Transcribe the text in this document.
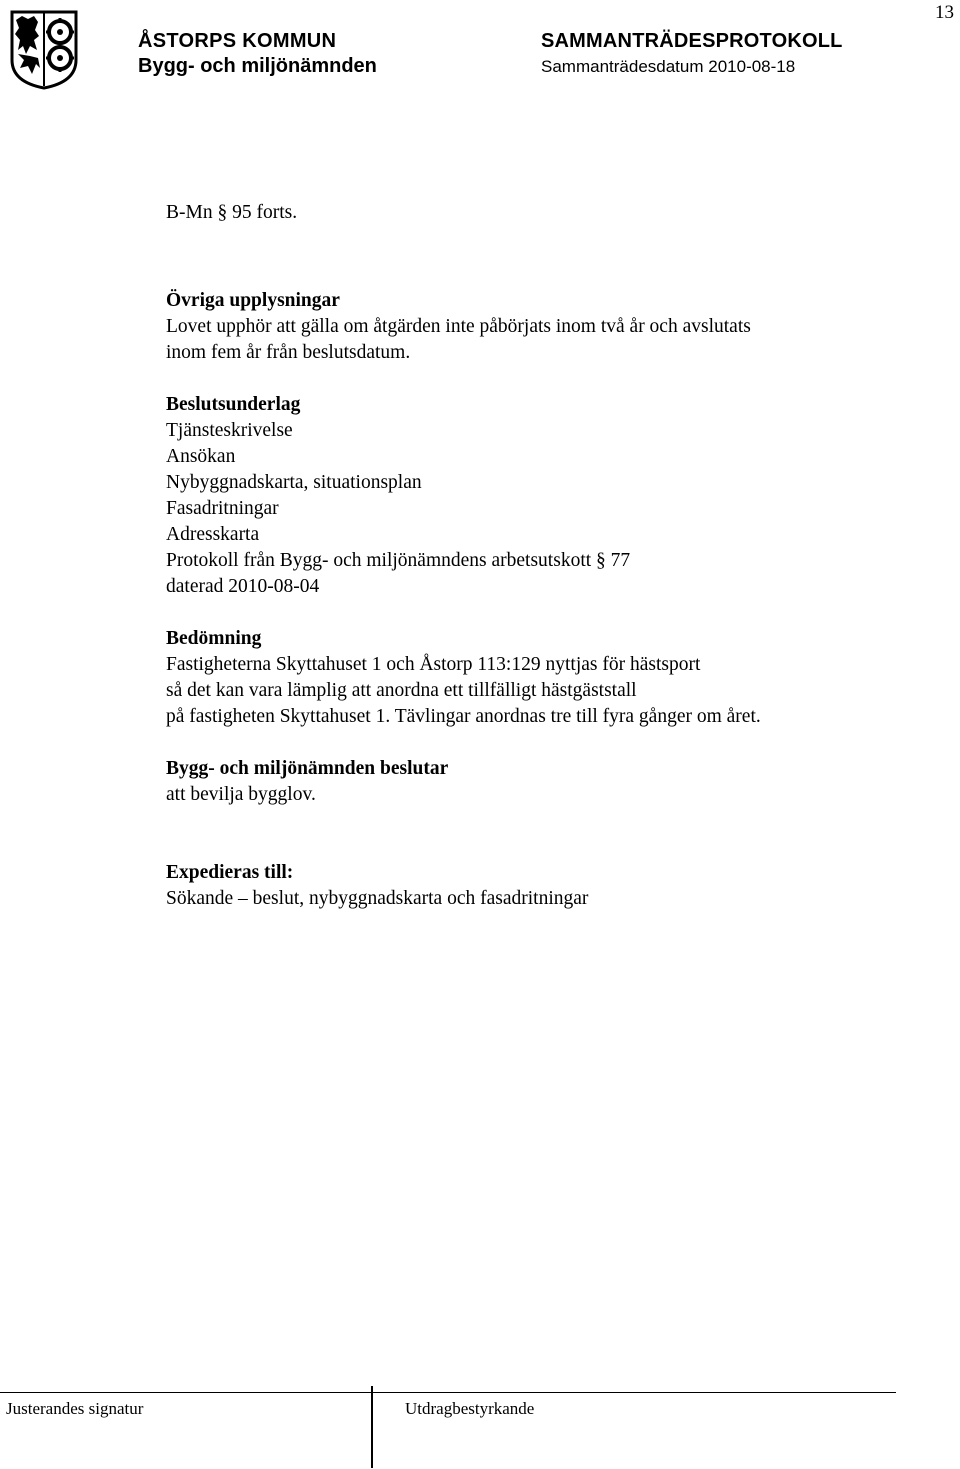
13
ÅSTORPS KOMMUN
Bygg- och miljönämnden
SAMMANTRÄDESPROTOKOLL
Sammanträdesdatum 2010-08-18
B-Mn § 95 forts.
Övriga upplysningar
Lovet upphör att gälla om åtgärden inte påbörjats inom två år och avslutats
inom fem år från beslutsdatum.
Beslutsunderlag
Tjänsteskrivelse
Ansökan
Nybyggnadskarta, situationsplan
Fasadritningar
Adresskarta
Protokoll från Bygg- och miljönämndens arbetsutskott § 77
daterad 2010-08-04
Bedömning
Fastigheterna Skyttahuset 1 och Åstorp 113:129 nyttjas för hästsport
så det kan vara lämplig att anordna ett tillfälligt hästgäststall
på fastigheten Skyttahuset 1. Tävlingar anordnas tre till fyra gånger om året.
Bygg- och miljönämnden beslutar
att bevilja bygglov.
Expedieras till:
Sökande – beslut, nybyggnadskarta och fasadritningar
Justerandes signatur	Utdragbestyrkande
